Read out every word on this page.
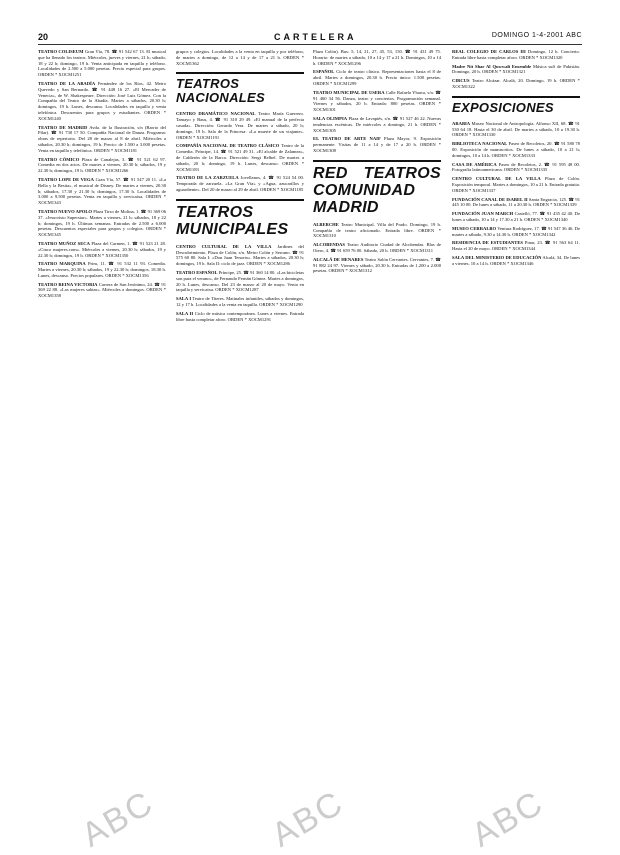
20	CARTELERA	DOMINGO 1-4-2001 ABC
TEATRO COLISEUM Gran Vía, 78. ☎ 91 542 67 13. El musical que ha llenado los teatros. Miércoles, jueves y viernes, 21 h; sábado, 18 y 22 h; domingo, 19 h. Venta anticipada en taquilla y teléfono. Localidades de 2.500 a 5.000 pesetas. Precio especial para grupos. ORDEN * XOCM1251
TEATRO DE LA ABADÍA Fernández de los Ríos, 42. Metro Quevedo y San Bernardo. ☎ 91 448 16 27. «El Mercader de Venecia», de W. Shakespeare. Dirección: José Luis Gómez. Con la Compañía del Teatro de la Abadía. Martes a sábados, 20.30 h; domingos, 19 h. Lunes, descanso. Localidades en taquilla y venta telefónica. Descuentos para grupos y estudiantes. ORDEN * XOCM1240
TEATRO DE MADRID Avda. de la Ilustración, s/n (Barrio del Pilar). ☎ 91 730 17 50. Compañía Nacional de Danza. Programa: obras de repertorio. Del 28 de marzo al 8 de abril. Miércoles a sábados, 20.30 h; domingos, 19 h. Precio: de 1.500 a 3.000 pesetas. Venta en taquilla y telefónica. ORDEN * XOCM1181
TEATRO CÓMICO Plaza de Canalejas, 3. ☎ 91 521 62 97. Comedia en dos actos. De martes a viernes, 20.30 h; sábados, 19 y 22.30 h; domingos, 19 h. ORDEN * XOCM1266
TEATRO LOPE DE VEGA Gran Vía, 57. ☎ 91 547 20 11. «La Bella y la Bestia», el musical de Disney. De martes a viernes, 20.30 h; sábados, 17.30 y 21.30 h; domingos, 17.30 h. Localidades de 3.000 a 9.500 pesetas. Venta en taquilla y servicaixa. ORDEN * XOCM1343
TEATRO NUEVO APOLO Plaza Tirso de Molina, 1. ☎ 91 369 06 37. «Jesucristo Superstar». Martes a viernes, 21 h; sábados, 18 y 22 h; domingos, 19 h. Últimas semanas. Entradas de 2.500 a 6.000 pesetas. Descuentos especiales para grupos y colegios. ORDEN * XOCM1345
TEATRO MUÑOZ SECA Plaza del Carmen, 1. ☎ 91 523 21 28. «Cinco mujeres.com». Miércoles a viernes, 20.30 h; sábados, 19 y 22.30 h; domingos, 19 h. ORDEN * XOCM1350
TEATRO MARQUINA Prim, 11. ☎ 91 532 11 93. Comedia. Martes a viernes, 20.30 h; sábados, 19 y 22.30 h; domingos, 18.30 h. Lunes, descanso. Precios populares. ORDEN * XOCM1356
TEATRO REINA VICTORIA Carrera de San Jerónimo, 24. ☎ 91 369 22 88. «Las mujeres sabias». Miércoles a domingos. ORDEN * XOCM1358
grupos y colegios. Localidades a la venta en taquilla y por teléfono, de martes a domingo, de 12 a 14 y de 17 a 21 h. ORDEN * XOCM1362
TEATROS NACIONALES
CENTRO DRAMÁTICO NACIONAL Teatro María Guerrero. Tamayo y Baus, 4. ☎ 91 310 29 49. «El manual de la perfecta casada». Dirección: Gerardo Vera. De martes a sábado, 20 h; domingo, 19 h. Sala de la Princesa: «La muerte de un viajante». ORDEN * XOCM1191
COMPAÑÍA NACIONAL DE TEATRO CLÁSICO Teatro de la Comedia. Príncipe, 14. ☎ 91 521 49 31. «El alcalde de Zalamea», de Calderón de la Barca. Dirección: Sergi Belbel. De martes a sábado, 20 h; domingo, 19 h. Lunes, descanso. ORDEN * XOCM1183
TEATRO DE LA ZARZUELA Jovellanos, 4. ☎ 91 524 54 00. Temporada de zarzuela. «La Gran Vía» y «Agua, azucarillos y aguardiente». Del 20 de marzo al 29 de abril. ORDEN * XOCM1185
TEATROS MUNICIPALES
CENTRO CULTURAL DE LA VILLA Jardines del Descubrimiento, Plaza de Colón, s/n. Metro Colón y Serrano. ☎ 91 575 60 80. Sala I: «Don Juan Tenorio». Martes a sábados, 20.30 h; domingos, 19 h. Sala II: ciclo de jazz. ORDEN * XOCM1286
TEATRO ESPAÑOL Príncipe, 25. ☎ 91 360 14 80. «Las bicicletas son para el verano», de Fernando Fernán Gómez. Martes a domingos, 20 h. Lunes, descanso. Del 23 de marzo al 20 de mayo. Venta en taquilla y servicaixa. ORDEN * XOCM1287
SALA I Teatro de Títeres. Matinales infantiles, sábados y domingos, 12 y 17 h. Localidades a la venta en taquilla. ORDEN * XOCM1290
SALA II Ciclo de música contemporánea. Lunes a viernes. Entrada libre hasta completar aforo. ORDEN * XOCM1291
Plaza Colón). Bus: 5, 14, 21, 27, 45, 53, 150. ☎ 91 431 49 75. Horario: de martes a sábado, 10 a 14 y 17 a 21 h. Domingos, 10 a 14 h. ORDEN * XOCM1296
ESPAÑOL Ciclo de teatro clásico. Representaciones hasta el 8 de abril. Martes a domingos, 20.30 h. Precio único: 1.500 pesetas. ORDEN * XOCM1299
TEATRO MUNICIPAL DE USERA Calle Rafaela Ybarra, s/n. ☎ 91 460 34 56. Danza, teatro y conciertos. Programación semanal. Viernes y sábados, 20 h. Entrada: 800 pesetas. ORDEN * XOCM1301
SALA OLIMPIA Plaza de Lavapiés, s/n. ☎ 91 527 46 22. Nuevas tendencias escénicas. De miércoles a domingo, 21 h. ORDEN * XOCM1305
EL TEATRO DE ARTE NAIF Plaza Mayor, 9. Exposición permanente. Visitas de 11 a 14 y de 17 a 20 h. ORDEN * XOCM1308
RED TEATROS COMUNIDAD MADRID
ALBERCHE Teatro Municipal. Villa del Prado. Domingo, 19 h. Compañía de teatro aficionado. Entrada libre. ORDEN * XOCM1310
ALCOBENDAS Teatro Auditorio Ciudad de Alcobendas. Blas de Otero, 4. ☎ 91 659 76 00. Sábado, 20 h. ORDEN * XOCM1311
ALCALÁ DE HENARES Teatro Salón Cervantes. Cervantes, 7. ☎ 91 882 24 97. Viernes y sábado, 20.30 h. Entradas de 1.200 a 2.000 pesetas. ORDEN * XOCM1312
REAL COLEGIO DE CARLOS III Domingo, 12 h. Concierto. Entrada libre hasta completar aforo. ORDEN * XOCM1320
Madre Nit Shar Al Quwwali Ensemble Música sufí de Pakistán. Domingo, 20 h. ORDEN * XOCM1321
CIRCUS Teatro Alcázar. Alcalá, 20. Domingo, 19 h. ORDEN * XOCM1322
EXPOSICIONES
ARABIA Museo Nacional de Antropología. Alfonso XII, 68. ☎ 91 530 64 18. Hasta el 30 de abril. De martes a sábado, 10 a 19.30 h. ORDEN * XOCM1330
BIBLIOTECA NACIONAL Paseo de Recoletos, 20. ☎ 91 580 78 00. Exposición de manuscritos. De lunes a sábado, 10 a 21 h; domingos, 10 a 14 h. ORDEN * XOCM1333
CASA DE AMÉRICA Paseo de Recoletos, 2. ☎ 91 595 48 00. Fotografía latinoamericana. ORDEN * XOCM1335
CENTRO CULTURAL DE LA VILLA Plaza de Colón. Exposición temporal. Martes a domingos, 10 a 21 h. Entrada gratuita. ORDEN * XOCM1337
FUNDACIÓN CANAL DE ISABEL II Santa Engracia, 125. ☎ 91 445 10 00. De lunes a sábado, 11 a 20.30 h. ORDEN * XOCM1339
FUNDACIÓN JUAN MARCH Castelló, 77. ☎ 91 435 42 40. De lunes a sábado, 10 a 14 y 17.30 a 21 h. ORDEN * XOCM1340
MUSEO CERRALBO Ventura Rodríguez, 17. ☎ 91 547 36 46. De martes a sábado, 9.30 a 14.30 h. ORDEN * XOCM1342
RESIDENCIA DE ESTUDIANTES Pinar, 23. ☎ 91 563 64 11. Hasta el 20 de mayo. ORDEN * XOCM1344
SALA DEL MINISTERIO DE EDUCACIÓN Alcalá, 34. De lunes a viernes, 10 a 14 h. ORDEN * XOCM1346
ABC	ABC	ABC
